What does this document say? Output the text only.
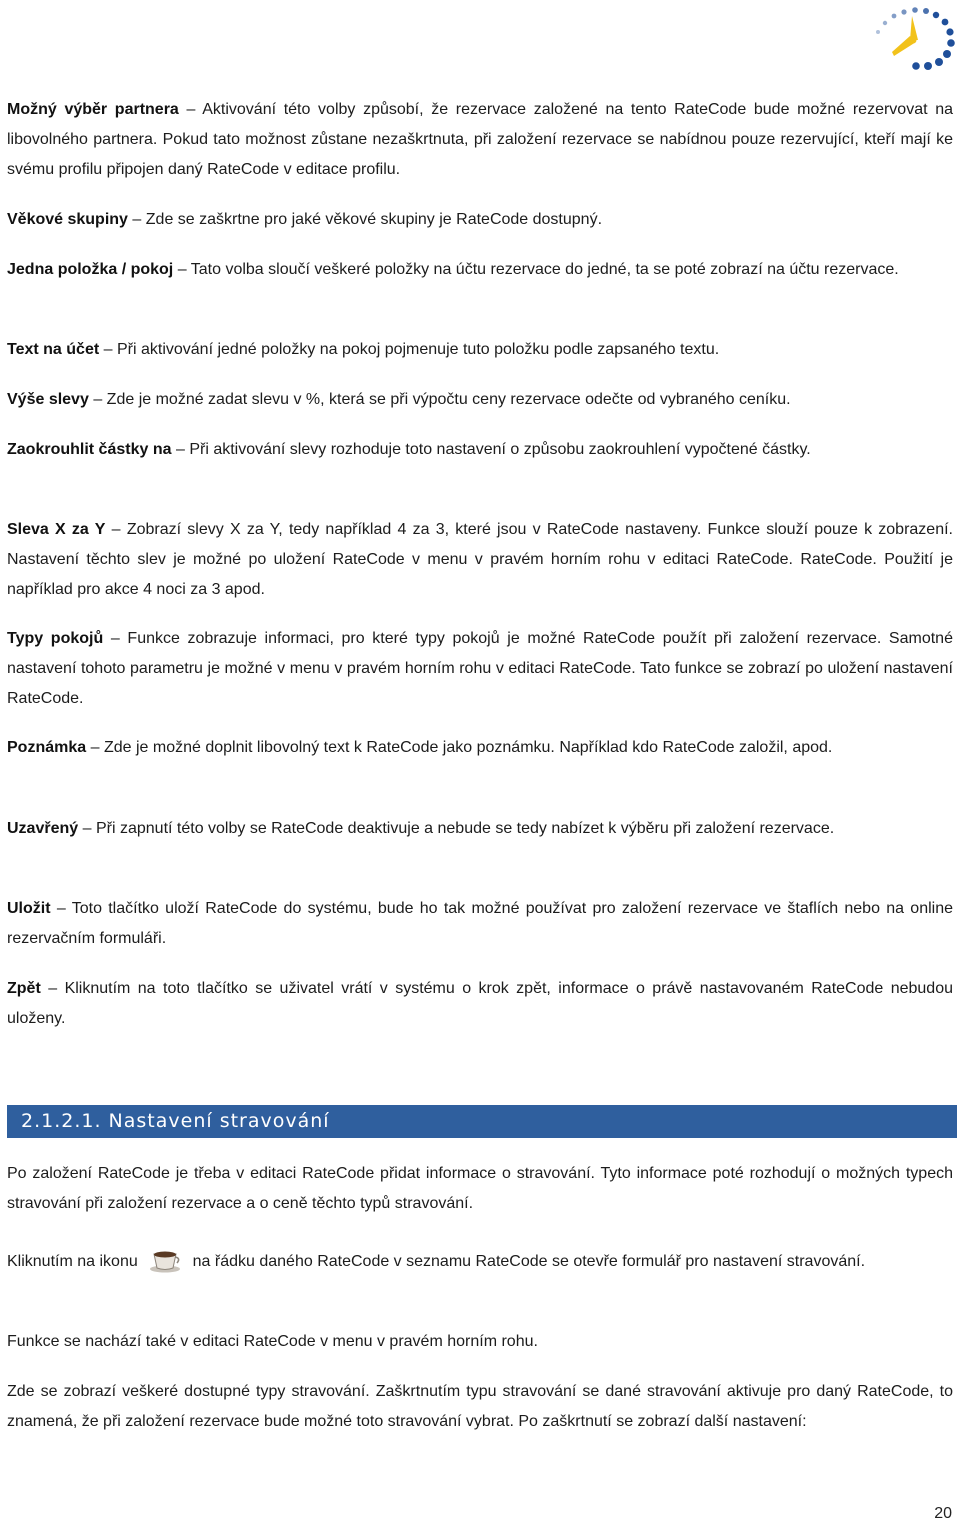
Možný výběr partnera – Aktivování této volby způsobí, že rezervace založené na tento RateCode bude možné rezervovat na libovolného partnera. Pokud tato možnost zůstane nezaškrtnuta, při založení rezervace se nabídnou pouze rezervující, kteří mají ke svému profilu připojen daný RateCode v editace profilu.

Věkové skupiny – Zde se zaškrtne pro jaké věkové skupiny je RateCode dostupný.

Jedna položka / pokoj – Tato volba sloučí veškeré položky na účtu rezervace do jedné, ta se poté zobrazí na účtu rezervace.

Text na účet – Při aktivování jedné položky na pokoj pojmenuje tuto položku podle zapsaného textu.

Výše slevy – Zde je možné zadat slevu v %, která se při výpočtu ceny rezervace odečte od vybraného ceníku.

Zaokrouhlit částky na – Při aktivování slevy rozhoduje toto nastavení o způsobu zaokrouhlení vypočtené částky.

Sleva X za Y – Zobrazí slevy X za Y, tedy například 4 za 3, které jsou v RateCode nastaveny. Funkce slouží pouze k zobrazení. Nastavení těchto slev je možné po uložení RateCode v menu v pravém horním rohu v editaci RateCode. RateCode. Použití je například pro akce 4 noci za 3 apod.

Typy pokojů – Funkce zobrazuje informaci, pro které typy pokojů je možné RateCode použít při založení rezervace. Samotné nastavení tohoto parametru je možné v menu v pravém horním rohu v editaci RateCode. Tato funkce se zobrazí po uložení nastavení RateCode.

Poznámka – Zde je možné doplnit libovolný text k RateCode jako poznámku. Například kdo RateCode založil, apod.

Uzavřený – Při zapnutí této volby se RateCode deaktivuje a nebude se tedy nabízet k výběru při založení rezervace.

Uložit – Toto tlačítko uloží RateCode do systému, bude ho tak možné používat pro založení rezervace ve štaflích nebo na online rezervačním formuláři.

Zpět – Kliknutím na toto tlačítko se uživatel vrátí v systému o krok zpět, informace o právě nastavovaném RateCode nebudou uloženy.

2.1.2.1. Nastavení stravování

Po založení RateCode je třeba v editaci RateCode přidat informace o stravování. Tyto informace poté rozhodují o možných typech stravování při založení rezervace a o ceně těchto typů stravování.

Kliknutím na ikonu	na řádku daného RateCode v seznamu RateCode se otevře formulář pro nastavení stravování.

Funkce se nachází také v editaci RateCode v menu v pravém horním rohu.

Zde se zobrazí veškeré dostupné typy stravování. Zaškrtnutím typu stravování se dané stravování aktivuje pro daný RateCode, to znamená, že při založení rezervace bude možné toto stravování vybrat. Po zaškrtnutí se zobrazí další nastavení:

20
